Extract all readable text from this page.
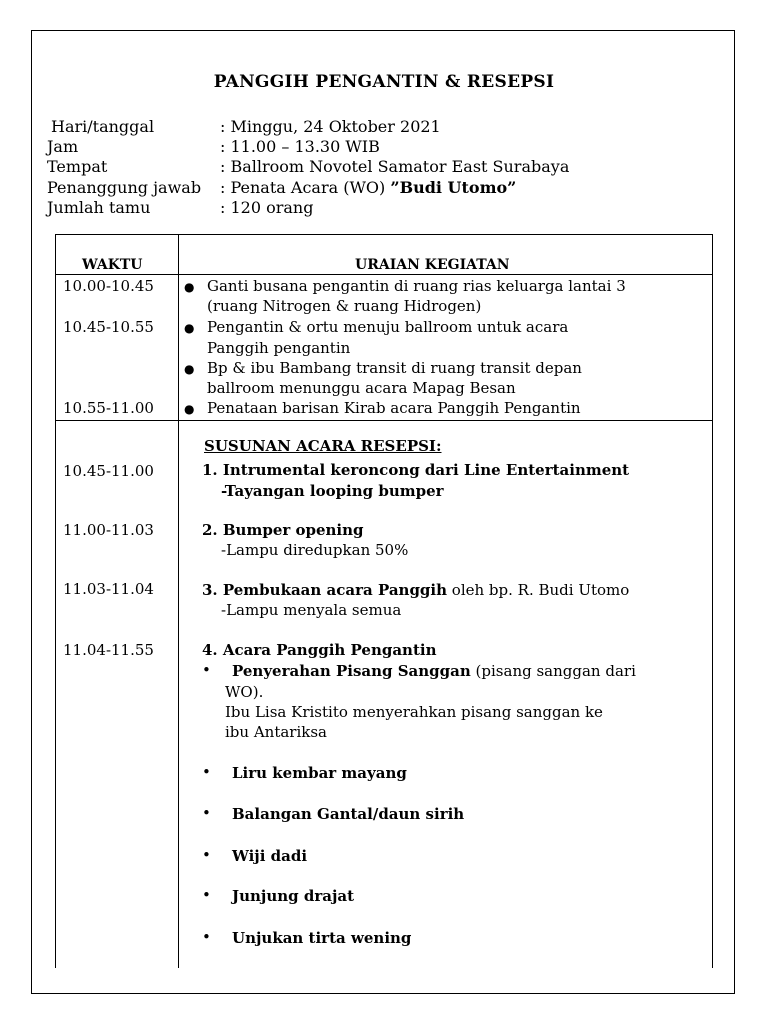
PANGGIH PENGANTIN & RESEPSI
Hari/tanggal	: Minggu, 24 Oktober 2021
Jam	: 11.00 – 13.30 WIB
Tempat	: Ballroom Novotel Samator East Surabaya
Penanggung jawab : Penata Acara (WO) ”Budi Utomo”
Jumlah tamu	: 120 orang
WAKTU	URAIAN KEGIATAN
10.00-10.45	● Ganti busana pengantin di ruang rias keluarga lantai 3
(ruang Nitrogen & ruang Hidrogen)
10.45-10.55	● Pengantin & ortu menuju ballroom untuk acara
Panggih pengantin
● Bp & ibu Bambang transit di ruang transit depan
ballroom menunggu acara Mapag Besan
10.55-11.00	● Penataan barisan Kirab acara Panggih Pengantin
SUSUNAN ACARA RESEPSI:
10.45-11.00	1. Intrumental keroncong dari Line Entertainment
-Tayangan looping bumper
11.00-11.03	2. Bumper opening
-Lampu diredupkan 50%
11.03-11.04	3. Pembukaan acara Panggih oleh bp. R. Budi Utomo
-Lampu menyala semua
11.04-11.55	4. Acara Panggih Pengantin
• Penyerahan Pisang Sanggan (pisang sanggan dari
WO).
Ibu Lisa Kristito menyerahkan pisang sanggan ke
ibu Antariksa
• Liru kembar mayang
• Balangan Gantal/daun sirih
• Wiji dadi
• Junjung drajat
• Unjukan tirta wening
